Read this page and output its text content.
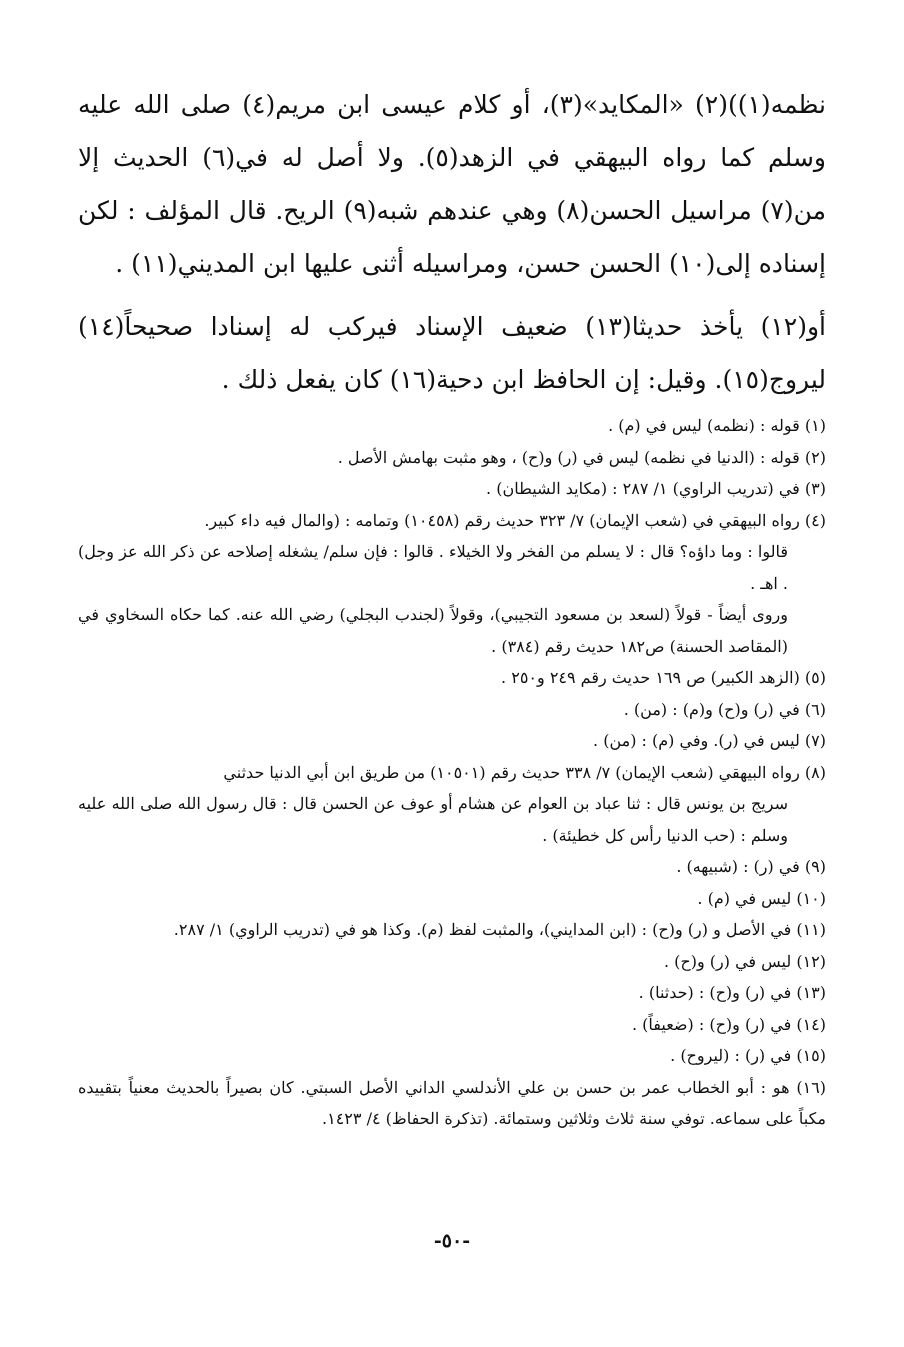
نظمه(١))(٢) «المكايد»(٣)، أو كلام عيسى ابن مريم(٤) صلى الله عليه وسلم كما رواه البيهقي في الزهد(٥). ولا أصل له في(٦) الحديث إلا من(٧) مراسيل الحسن(٨) وهي عندهم شبه(٩) الريح. قال المؤلف : لكن إسناده إلى(١٠) الحسن حسن، ومراسيله أثنى عليها ابن المديني(١١) .

أو(١٢) يأخذ حديثا(١٣) ضعيف الإسناد فيركب له إسنادا صحيحاً(١٤) ليروج(١٥). وقيل: إن الحافظ ابن دحية(١٦) كان يفعل ذلك .

(١) قوله : (نظمه) ليس في (م) .

(٢) قوله : (الدنيا في نظمه) ليس في (ر) و(ح) ، وهو مثبت بهامش الأصل .

(٣) في (تدريب الراوي) ١/ ٢٨٧ : (مكايد الشيطان) .

(٤) رواه البيهقي في (شعب الإيمان) ٧/ ٣٢٣ حديث رقم (١٠٤٥٨) وتمامه : (والمال فيه داء كبير.

قالوا : وما داؤه؟ قال : لا يسلم من الفخر ولا الخيلاء . قالوا : فإن سلم/ يشغله إصلاحه عن ذكر الله عز وجل) . اهـ .

وروى أيضاً - قولاً (لسعد بن مسعود التجيبي)، وقولاً (لجندب البجلي) رضي الله عنه. كما حكاه السخاوي في (المقاصد الحسنة) ص١٨٢ حديث رقم (٣٨٤) .

(٥) (الزهد الكبير) ص ١٦٩ حديث رقم ٢٤٩ و٢٥٠ .

(٦) في (ر) و(ح) و(م) : (من) .

(٧) ليس في (ر). وفي (م) : (من) .

(٨) رواه البيهقي (شعب الإيمان) ٧/ ٣٣٨ حديث رقم (١٠٥٠١) من طريق ابن أبي الدنيا حدثني

سريج بن يونس قال : ثنا عباد بن العوام عن هشام أو عوف عن الحسن قال : قال رسول الله صلى الله عليه وسلم : (حب الدنيا رأس كل خطيئة) .

(٩) في (ر) : (شبيهه) .

(١٠) ليس في (م) .

(١١) في الأصل و (ر) و(ح) : (ابن المدايني)، والمثبت لفظ (م). وكذا هو في (تدريب الراوي) ١/ ٢٨٧.

(١٢) ليس في (ر) و(ح) .

(١٣) في (ر) و(ح) : (حدثنا) .

(١٤) في (ر) و(ح) : (ضعيفاً) .

(١٥) في (ر) : (ليروح) .

(١٦) هو : أبو الخطاب عمر بن حسن بن علي الأندلسي الداني الأصل السبتي. كان بصيراً بالحديث معنياً بتقييده مكباً على سماعه. توفي سنة ثلاث وثلاثين وستمائة. (تذكرة الحفاظ) ٤/ ١٤٢٣.

-٥٠-
